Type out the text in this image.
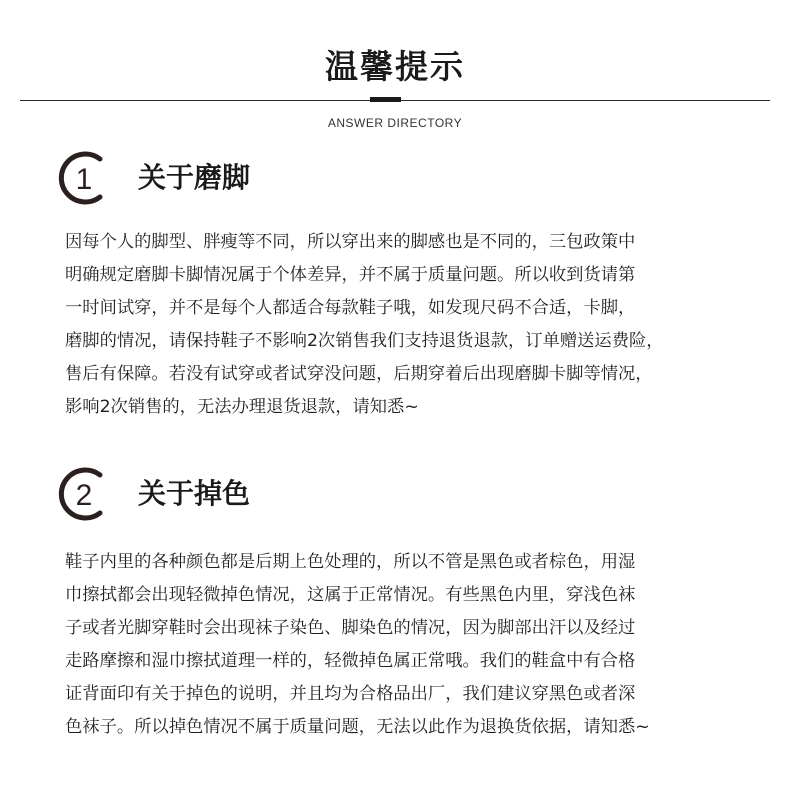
温馨提示
ANSWER DIRECTORY
1 关于磨脚
因每个人的脚型、胖瘦等不同，所以穿出来的脚感也是不同的，三包政策中
明确规定磨脚卡脚情况属于个体差异，并不属于质量问题。所以收到货请第
一时间试穿，并不是每个人都适合每款鞋子哦，如发现尺码不合适，卡脚，
磨脚的情况，请保持鞋子不影响2次销售我们支持退货退款，订单赠送运费险，
售后有保障。若没有试穿或者试穿没问题，后期穿着后出现磨脚卡脚等情况，
影响2次销售的，无法办理退货退款，请知悉~
2 关于掉色
鞋子内里的各种颜色都是后期上色处理的，所以不管是黑色或者棕色，用湿
巾擦拭都会出现轻微掉色情况，这属于正常情况。有些黑色内里，穿浅色袜
子或者光脚穿鞋时会出现袜子染色、脚染色的情况，因为脚部出汗以及经过
走路摩擦和湿巾擦拭道理一样的，轻微掉色属正常哦。我们的鞋盒中有合格
证背面印有关于掉色的说明，并且均为合格品出厂，我们建议穿黑色或者深
色袜子。所以掉色情况不属于质量问题，无法以此作为退换货依据，请知悉~
